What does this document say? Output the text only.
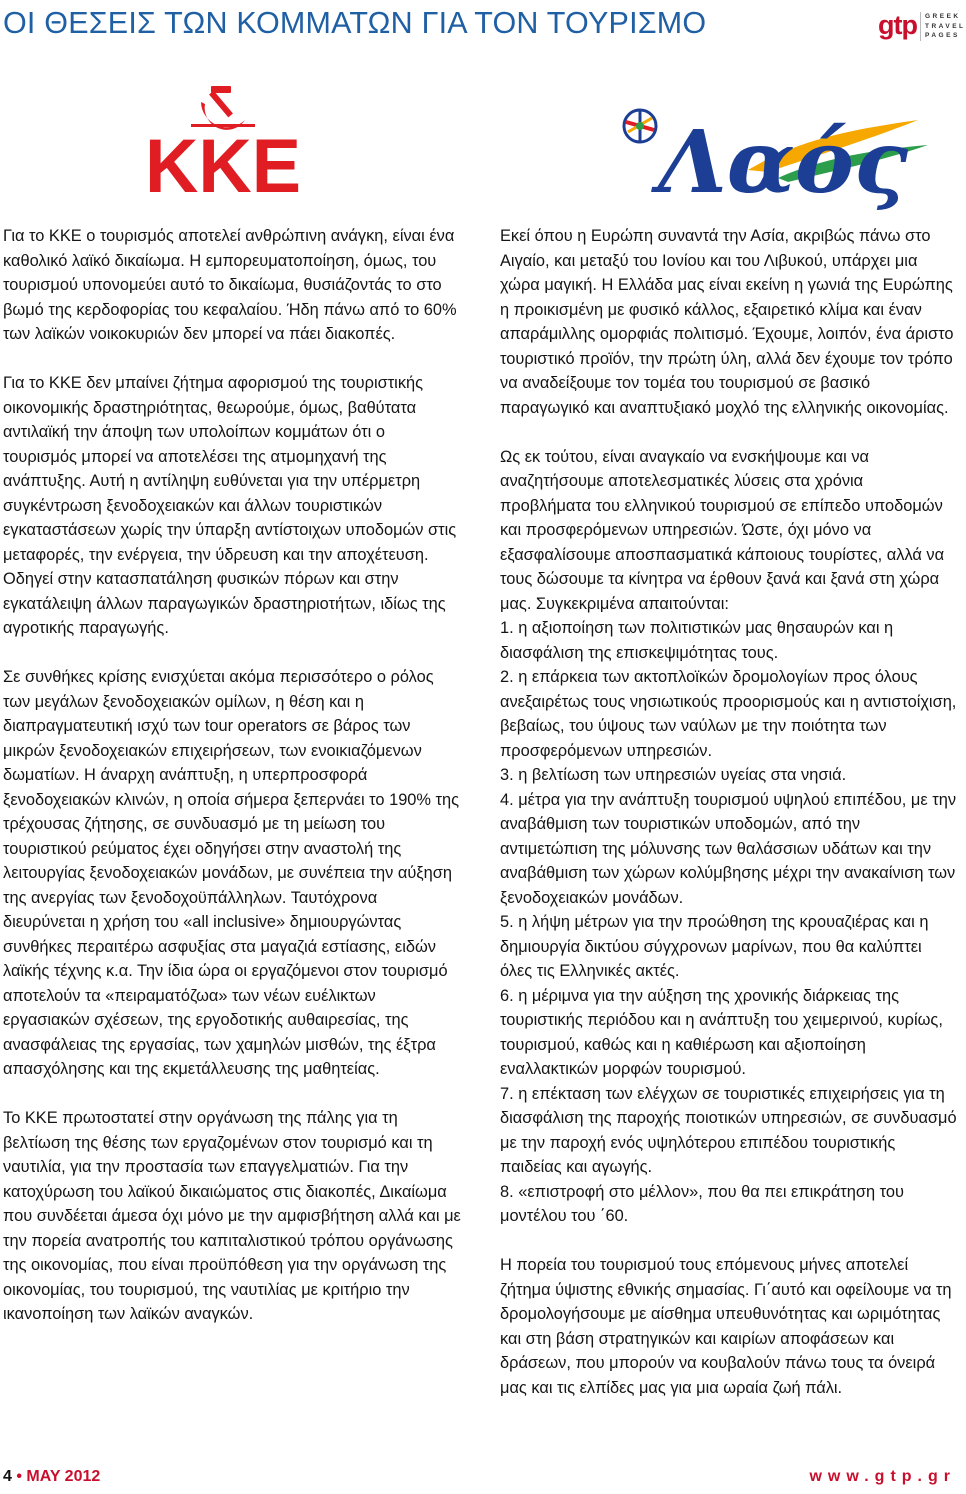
ΟΙ ΘΕΣΕΙΣ ΤΩΝ ΚΟΜΜΑΤΩΝ ΓΙΑ ΤΟΝ ΤΟΥΡΙΣΜΟ	gtp GREEK
TRAVEL
PAGES
KKE	Λαός

Για το ΚΚΕ ο τουρισμός αποτελεί ανθρώπινη ανάγκη, είναι ένα καθολικό λαϊκό δικαίωμα. Η εμπορευματοποίηση, όμως, του τουρισμού υπονομεύει αυτό το δικαίωμα, θυσιάζοντάς το στο βωμό της κερδοφορίας του κεφαλαίου. Ήδη πάνω από το 60% των λαϊκών νοικοκυριών δεν μπορεί να πάει διακοπές.

Για το ΚΚΕ δεν μπαίνει ζήτημα αφορισμού της τουριστικής οικονομικής δραστηριότητας, θεωρούμε, όμως, βαθύτατα αντιλαϊκή την άποψη των υπολοίπων κομμάτων ότι ο τουρισμός μπορεί να αποτελέσει της ατμομηχανή της ανάπτυξης. Αυτή η αντίληψη ευθύνεται για την υπέρμετρη συγκέντρωση ξενοδοχειακών και άλλων τουριστικών εγκαταστάσεων χωρίς την ύπαρξη αντίστοιχων υποδομών στις μεταφορές, την ενέργεια, την ύδρευση και την αποχέτευση. Οδηγεί στην κατασπατάληση φυσικών πόρων και στην εγκατάλειψη άλλων παραγωγικών δραστηριοτήτων, ιδίως της αγροτικής παραγωγής.

Σε συνθήκες κρίσης ενισχύεται ακόμα περισσότερο ο ρόλος των μεγάλων ξενοδοχειακών ομίλων, η θέση και η διαπραγματευτική ισχύ των tour operators σε βάρος των μικρών ξενοδοχειακών επιχειρήσεων, των ενοικιαζόμενων δωματίων. Η άναρχη ανάπτυξη, η υπερπροσφορά ξενοδοχειακών κλινών, η οποία σήμερα ξεπερνάει το 190% της τρέχουσας ζήτησης, σε συνδυασμό με τη μείωση του τουριστικού ρεύματος έχει οδηγήσει στην αναστολή της λειτουργίας ξενοδοχειακών μονάδων, με συνέπεια την αύξηση της ανεργίας των ξενοδοχοϋπάλληλων. Ταυτόχρονα διευρύνεται η χρήση του «all inclusive» δημιουργώντας συνθήκες περαιτέρω ασφυξίας στα μαγαζιά εστίασης, ειδών λαϊκής τέχνης κ.α. Την ίδια ώρα οι εργαζόμενοι στον τουρισμό αποτελούν τα «πειραματόζωα» των νέων ευέλικτων εργασιακών σχέσεων, της εργοδοτικής αυθαιρεσίας, της ανασφάλειας της εργασίας, των χαμηλών μισθών, της έξτρα απασχόλησης και της εκμετάλλευσης της μαθητείας.

Το ΚΚΕ πρωτοστατεί στην οργάνωση της πάλης για τη βελτίωση της θέσης των εργαζομένων στον τουρισμό και τη ναυτιλία, για την προστασία των επαγγελματιών. Για την κατοχύρωση του λαϊκού δικαιώματος στις διακοπές, Δικαίωμα που συνδέεται άμεσα όχι μόνο με την αμφισβήτηση αλλά και με την πορεία ανατροπής του καπιταλιστικού τρόπου οργάνωσης της οικονομίας, που είναι προϋπόθεση για την οργάνωση της οικονομίας, του τουρισμού, της ναυτιλίας με κριτήριο την ικανοποίηση των λαϊκών αναγκών.

Εκεί όπου η Ευρώπη συναντά την Ασία, ακριβώς πάνω στο Αιγαίο, και μεταξύ του Ιονίου και του Λιβυκού, υπάρχει μια χώρα μαγική. Η Ελλάδα μας είναι εκείνη η γωνιά της Ευρώπης η προικισμένη με φυσικό κάλλος, εξαιρετικό κλίμα και έναν απαράμιλλης ομορφιάς πολιτισμό. Έχουμε, λοιπόν, ένα άριστο τουριστικό προϊόν, την πρώτη ύλη, αλλά δεν έχουμε τον τρόπο να αναδείξουμε τον τομέα του τουρισμού σε βασικό παραγωγικό και αναπτυξιακό μοχλό της ελληνικής οικονομίας.

Ως εκ τούτου, είναι αναγκαίο να ενσκήψουμε και να αναζητήσουμε αποτελεσματικές λύσεις στα χρόνια προβλήματα του ελληνικού τουρισμού σε επίπεδο υποδομών και προσφερόμενων υπηρεσιών. Ώστε, όχι μόνο να εξασφαλίσουμε αποσπασματικά κάποιους τουρίστες, αλλά να τους δώσουμε τα κίνητρα να έρθουν ξανά και ξανά στη χώρα μας. Συγκεκριμένα απαιτούνται:

1. η αξιοποίηση των πολιτιστικών μας θησαυρών και η διασφάλιση της επισκεψιμότητας τους.

2. η επάρκεια των ακτοπλοϊκών δρομολογίων προς όλους ανεξαιρέτως τους νησιωτικούς προορισμούς και η αντιστοίχιση, βεβαίως, του ύψους των ναύλων με την ποιότητα των προσφερόμενων υπηρεσιών.

3. η βελτίωση των υπηρεσιών υγείας στα νησιά.

4. μέτρα για την ανάπτυξη τουρισμού υψηλού επιπέδου, με την αναβάθμιση των τουριστικών υποδομών, από την αντιμετώπιση της μόλυνσης των θαλάσσιων υδάτων και την αναβάθμιση των χώρων κολύμβησης μέχρι την ανακαίνιση των ξενοδοχειακών μονάδων.

5. η λήψη μέτρων για την προώθηση της κρουαζιέρας και η δημιουργία δικτύου σύγχρονων μαρίνων, που θα καλύπτει όλες τις Ελληνικές ακτές.

6. η μέριμνα για την αύξηση της χρονικής διάρκειας της τουριστικής περιόδου και η ανάπτυξη του χειμερινού, κυρίως, τουρισμού, καθώς και η καθιέρωση και αξιοποίηση εναλλακτικών μορφών τουρισμού.

7. η επέκταση των ελέγχων σε τουριστικές επιχειρήσεις για τη διασφάλιση της παροχής ποιοτικών υπηρεσιών, σε συνδυασμό με την παροχή ενός υψηλότερου επιπέδου τουριστικής παιδείας και αγωγής.

8. «επιστροφή στο μέλλον», που θα πει επικράτηση του μοντέλου του ΄60.

Η πορεία του τουρισμού τους επόμενους μήνες αποτελεί ζήτημα ύψιστης εθνικής σημασίας. Γι΄αυτό και οφείλουμε να τη δρομολογήσουμε με αίσθημα υπευθυνότητας και ωριμότητας και στη βάση στρατηγικών και καιρίων αποφάσεων και δράσεων, που μπορούν να κουβαλούν πάνω τους τα όνειρά μας και τις ελπίδες μας για μια ωραία ζωή πάλι.

4 • MAY 2012	www.gtp.gr
